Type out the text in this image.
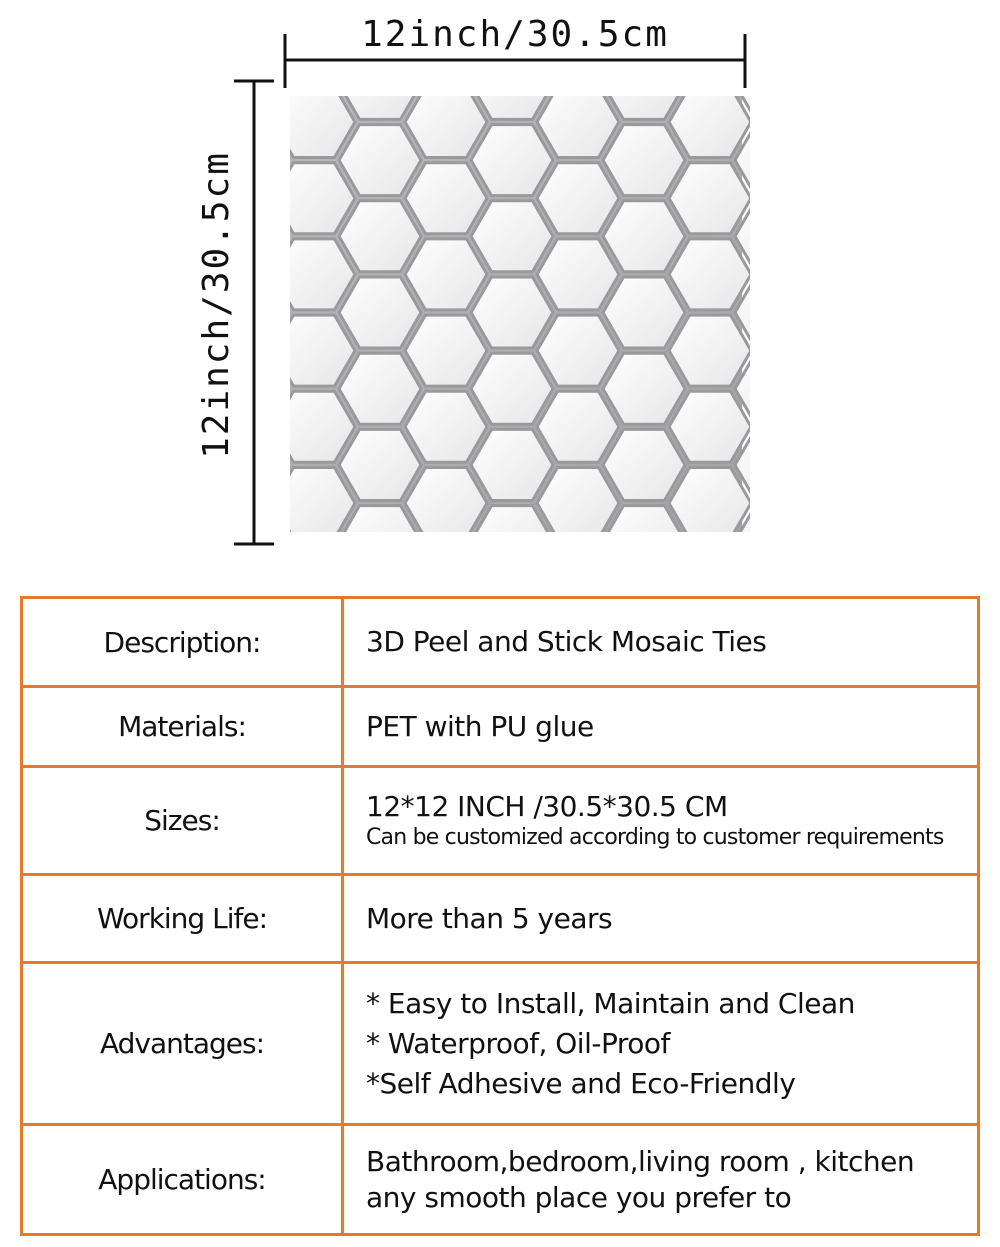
12inch/30.5cm
12inch/30.5cm
Description:	3D Peel and Stick Mosaic Ties

Materials:	PET with PU glue

Sizes:	12*12 INCH /30.5*30.5 CM
Can be customized according to customer requirements

Working Life:	More than 5 years

Advantages:	* Easy to Install, Maintain and Clean
* Waterproof, Oil-Proof
*Self Adhesive and Eco-Friendly

Applications:	Bathroom,bedroom,living room , kitchen
any smooth place you prefer to
